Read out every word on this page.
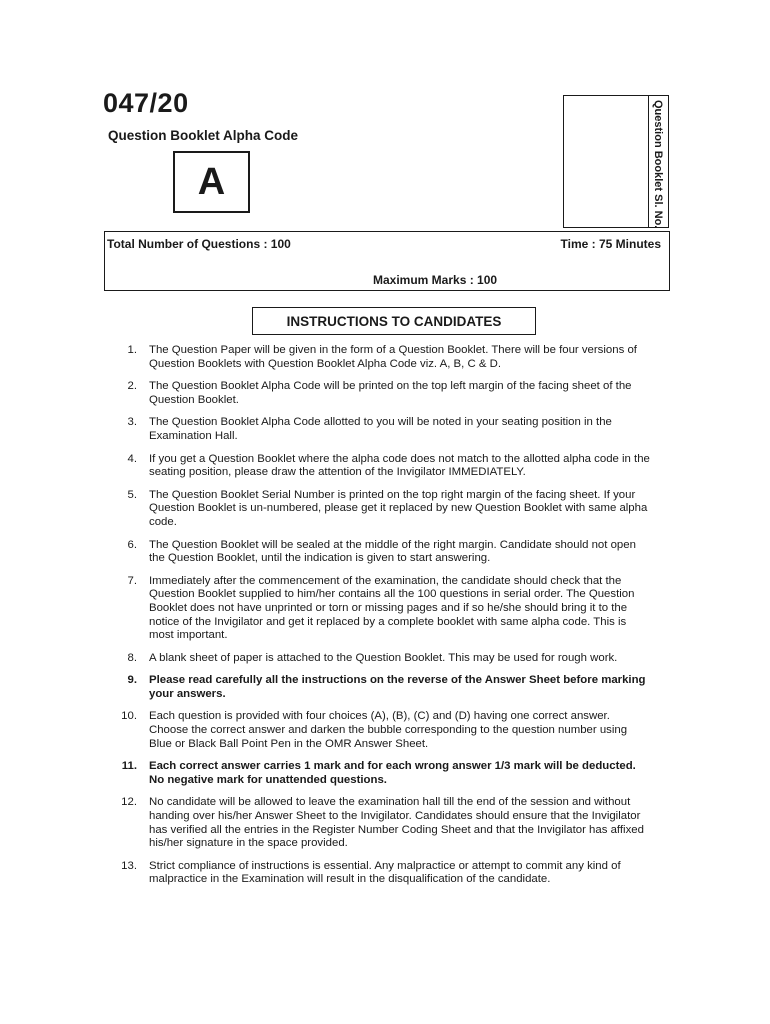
047/20
Question Booklet Alpha Code
A	Question Booklet Sl. No.
Total Number of Questions : 100	Time : 75 Minutes
Maximum Marks : 100
INSTRUCTIONS TO CANDIDATES
1. The Question Paper will be given in the form of a Question Booklet. There will be four versions of Question Booklets with Question Booklet Alpha Code viz. A, B, C & D.
2. The Question Booklet Alpha Code will be printed on the top left margin of the facing sheet of the Question Booklet.
3. The Question Booklet Alpha Code allotted to you will be noted in your seating position in the Examination Hall.
4. If you get a Question Booklet where the alpha code does not match to the allotted alpha code in the seating position, please draw the attention of the Invigilator IMMEDIATELY.
5. The Question Booklet Serial Number is printed on the top right margin of the facing sheet. If your Question Booklet is un-numbered, please get it replaced by new Question Booklet with same alpha code.
6. The Question Booklet will be sealed at the middle of the right margin. Candidate should not open the Question Booklet, until the indication is given to start answering.
7. Immediately after the commencement of the examination, the candidate should check that the Question Booklet supplied to him/her contains all the 100 questions in serial order. The Question Booklet does not have unprinted or torn or missing pages and if so he/she should bring it to the notice of the Invigilator and get it replaced by a complete booklet with same alpha code. This is most important.
8. A blank sheet of paper is attached to the Question Booklet. This may be used for rough work.
9. Please read carefully all the instructions on the reverse of the Answer Sheet before marking your answers.
10. Each question is provided with four choices (A), (B), (C) and (D) having one correct answer. Choose the correct answer and darken the bubble corresponding to the question number using Blue or Black Ball Point Pen in the OMR Answer Sheet.
11. Each correct answer carries 1 mark and for each wrong answer 1/3 mark will be deducted. No negative mark for unattended questions.
12. No candidate will be allowed to leave the examination hall till the end of the session and without handing over his/her Answer Sheet to the Invigilator. Candidates should ensure that the Invigilator has verified all the entries in the Register Number Coding Sheet and that the Invigilator has affixed his/her signature in the space provided.
13. Strict compliance of instructions is essential. Any malpractice or attempt to commit any kind of malpractice in the Examination will result in the disqualification of the candidate.
